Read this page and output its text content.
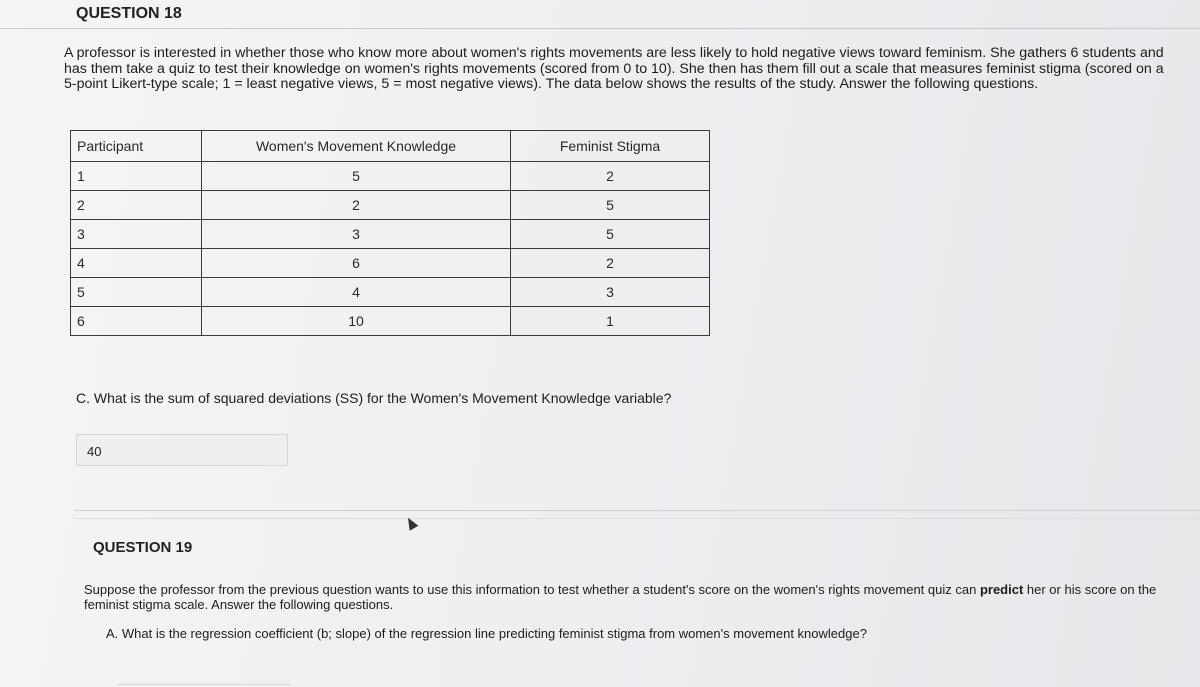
QUESTION 18
A professor is interested in whether those who know more about women's rights movements are less likely to hold negative views toward feminism. She gathers 6 students and has them take a quiz to test their knowledge on women's rights movements (scored from 0 to 10). She then has them fill out a scale that measures feminist stigma (scored on a 5-point Likert-type scale; 1 = least negative views, 5 = most negative views). The data below shows the results of the study. Answer the following questions.
Participant	Women's Movement Knowledge	Feminist Stigma
1	5	2
2	2	5
3	3	5
4	6	2
5	4	3
6	10	1
C. What is the sum of squared deviations (SS) for the Women's Movement Knowledge variable?
40
QUESTION 19
Suppose the professor from the previous question wants to use this information to test whether a student's score on the women's rights movement quiz can predict her or his score on the feminist stigma scale. Answer the following questions.
A. What is the regression coefficient (b; slope) of the regression line predicting feminist stigma from women's movement knowledge?
